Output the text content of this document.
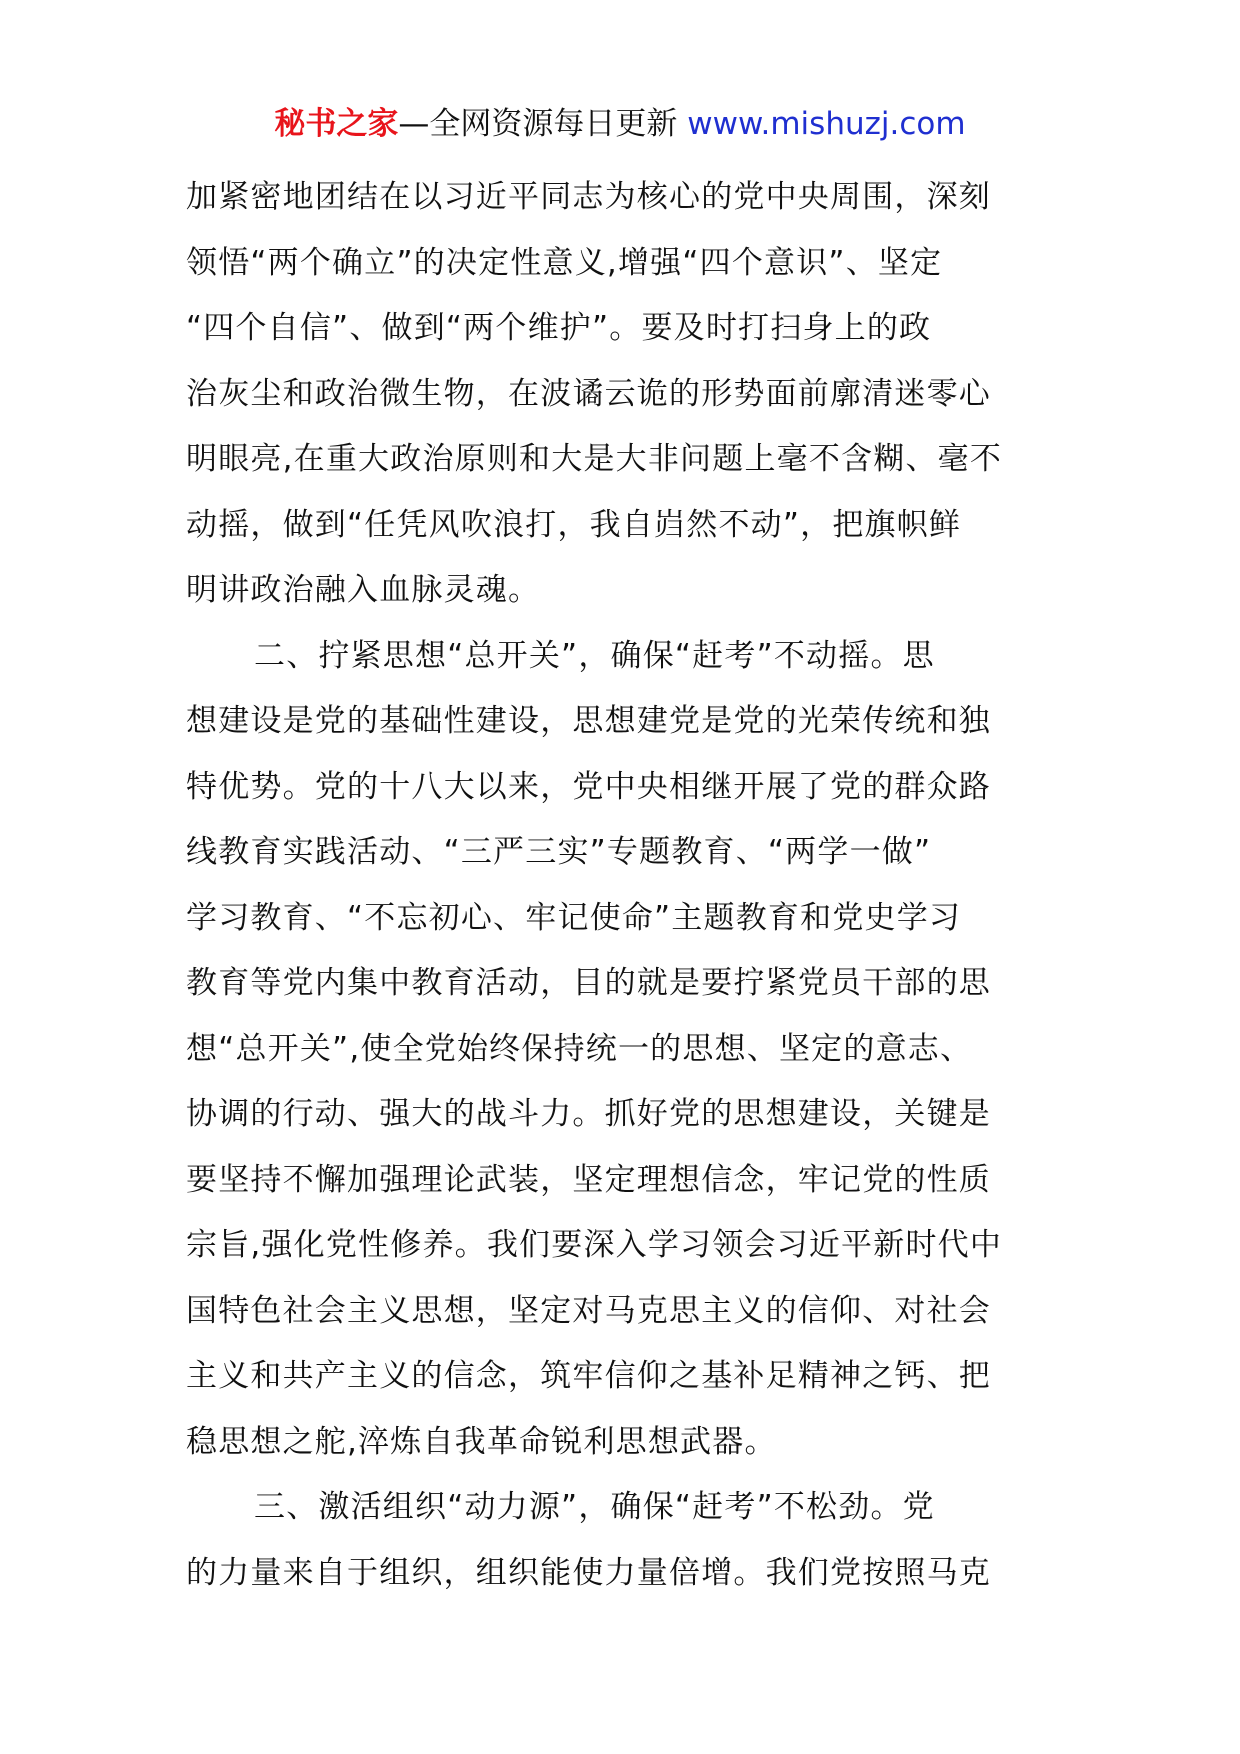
秘书之家—全网资源每日更新 www.mishuzj.com
加紧密地团结在以习近平同志为核心的党中央周围，深刻
领悟“两个确立”的决定性意义,增强“四个意识”、坚定
“四个自信”、做到“两个维护”。要及时打扫身上的政
治灰尘和政治微生物，在波谲云诡的形势面前廓清迷零心
明眼亮,在重大政治原则和大是大非问题上毫不含糊、毫不
动摇，做到“任凭风吹浪打，我自岿然不动”，把旗帜鲜
明讲政治融入血脉灵魂。
二、拧紧思想“总开关”，确保“赶考”不动摇。思
想建设是党的基础性建设，思想建党是党的光荣传统和独
特优势。党的十八大以来，党中央相继开展了党的群众路
线教育实践活动、“三严三实”专题教育、“两学一做”
学习教育、“不忘初心、牢记使命”主题教育和党史学习
教育等党内集中教育活动，目的就是要拧紧党员干部的思
想“总开关”,使全党始终保持统一的思想、坚定的意志、
协调的行动、强大的战斗力。抓好党的思想建设，关键是
要坚持不懈加强理论武装，坚定理想信念，牢记党的性质
宗旨,强化党性修养。我们要深入学习领会习近平新时代中
国特色社会主义思想，坚定对马克思主义的信仰、对社会
主义和共产主义的信念，筑牢信仰之基补足精神之钙、把
稳思想之舵,淬炼自我革命锐利思想武器。
三、激活组织“动力源”，确保“赶考”不松劲。党
的力量来自于组织，组织能使力量倍增。我们党按照马克
